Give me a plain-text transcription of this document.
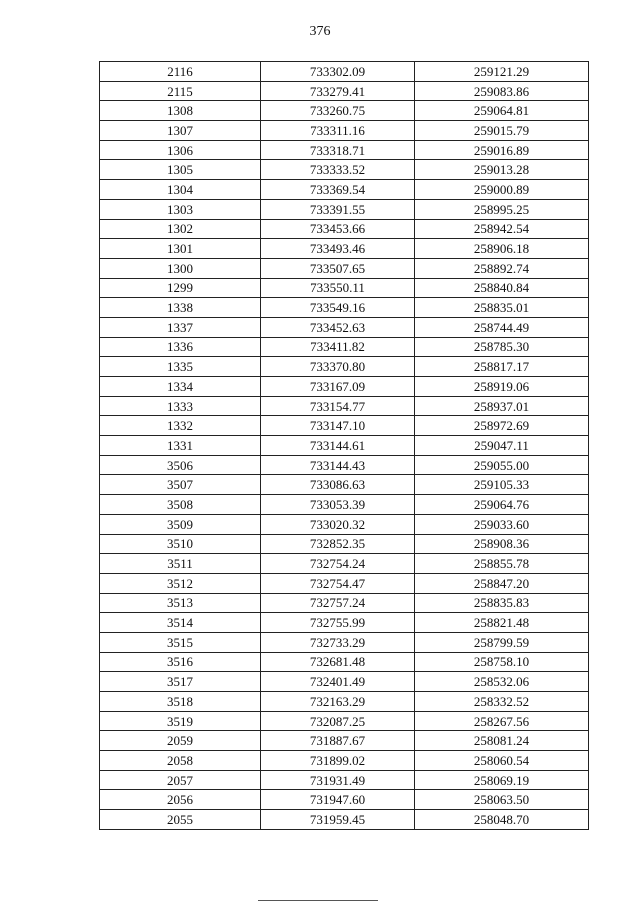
376
2116	733302.09	259121.29
2115	733279.41	259083.86
1308	733260.75	259064.81
1307	733311.16	259015.79
1306	733318.71	259016.89
1305	733333.52	259013.28
1304	733369.54	259000.89
1303	733391.55	258995.25
1302	733453.66	258942.54
1301	733493.46	258906.18
1300	733507.65	258892.74
1299	733550.11	258840.84
1338	733549.16	258835.01
1337	733452.63	258744.49
1336	733411.82	258785.30
1335	733370.80	258817.17
1334	733167.09	258919.06
1333	733154.77	258937.01
1332	733147.10	258972.69
1331	733144.61	259047.11
3506	733144.43	259055.00
3507	733086.63	259105.33
3508	733053.39	259064.76
3509	733020.32	259033.60
3510	732852.35	258908.36
3511	732754.24	258855.78
3512	732754.47	258847.20
3513	732757.24	258835.83
3514	732755.99	258821.48
3515	732733.29	258799.59
3516	732681.48	258758.10
3517	732401.49	258532.06
3518	732163.29	258332.52
3519	732087.25	258267.56
2059	731887.67	258081.24
2058	731899.02	258060.54
2057	731931.49	258069.19
2056	731947.60	258063.50
2055	731959.45	258048.70
